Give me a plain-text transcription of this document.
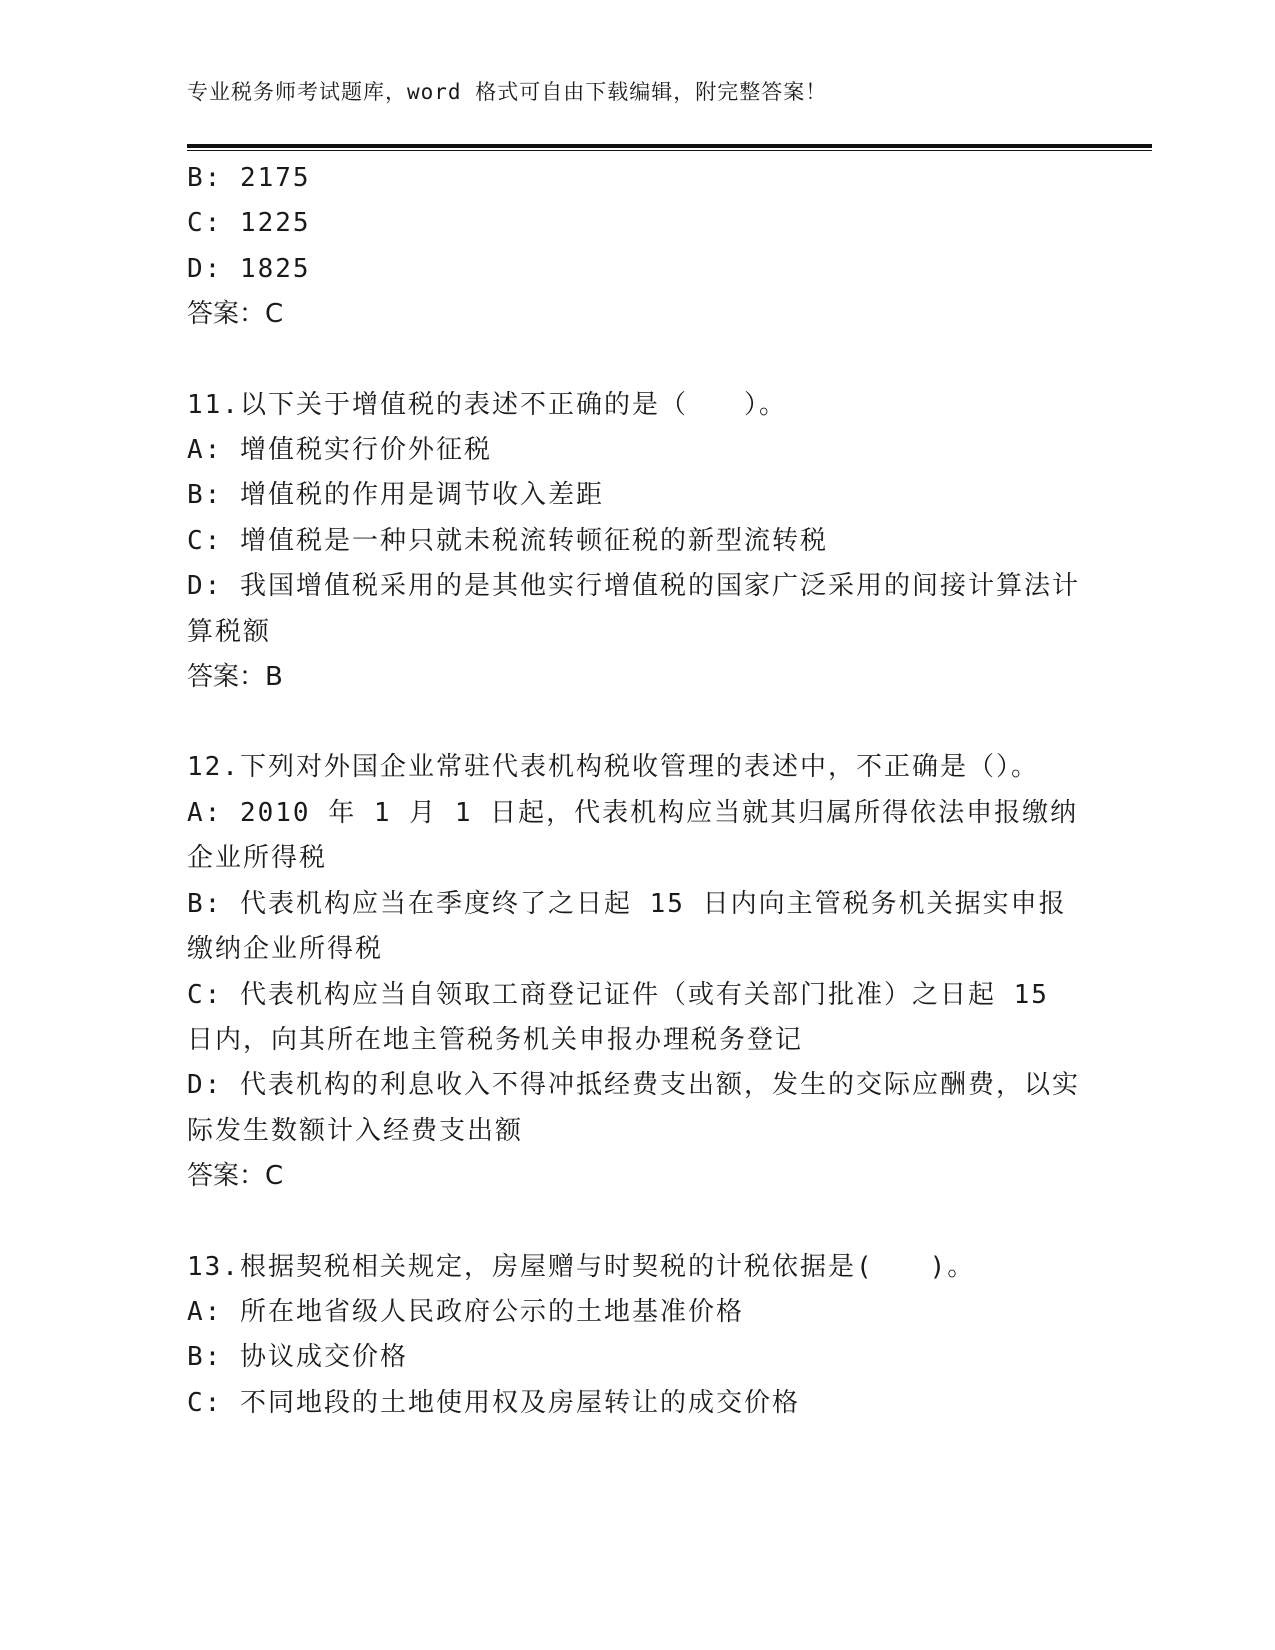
专业税务师考试题库，word 格式可自由下载编辑，附完整答案！
B: 2175
C: 1225
D: 1825
答案：C
11.以下关于增值税的表述不正确的是（　　）。
A: 增值税实行价外征税
B: 增值税的作用是调节收入差距
C: 增值税是一种只就未税流转顿征税的新型流转税
D: 我国增值税采用的是其他实行增值税的国家广泛采用的间接计算法计算税额
答案：B
12.下列对外国企业常驻代表机构税收管理的表述中，不正确是（）。
A: 2010 年 1 月 1 日起，代表机构应当就其归属所得依法申报缴纳企业所得税
B: 代表机构应当在季度终了之日起 15 日内向主管税务机关据实申报缴纳企业所得税
C: 代表机构应当自领取工商登记证件（或有关部门批准）之日起 15 日内，向其所在地主管税务机关申报办理税务登记
D: 代表机构的利息收入不得冲抵经费支出额，发生的交际应酬费，以实际发生数额计入经费支出额
答案：C
13.根据契税相关规定，房屋赠与时契税的计税依据是(　　)。
A: 所在地省级人民政府公示的土地基准价格
B: 协议成交价格
C: 不同地段的土地使用权及房屋转让的成交价格
